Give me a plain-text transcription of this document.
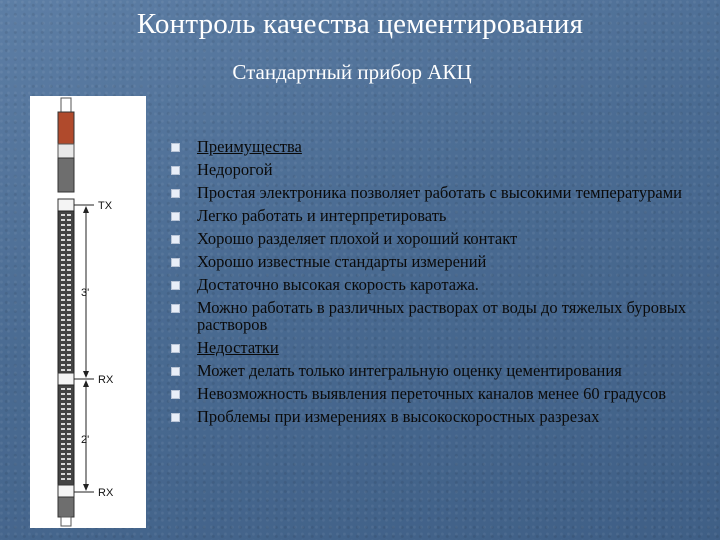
Контроль качества цементирования
Стандартный прибор АКЦ
TX
RX
RX
3'
2'
Преимущества
Недорогой
Простая электроника позволяет работать с высокими температурами
Легко работать и интерпретировать
Хорошо разделяет плохой и хороший контакт
Хорошо известные стандарты измерений
Достаточно высокая скорость каротажа.
Можно работать в различных растворах от воды до тяжелых буровых растворов
Недостатки
Может делать только интегральную оценку цементирования
Невозможность выявления переточных каналов менее 60 градусов
Проблемы при измерениях в высокоскоростных разрезах
